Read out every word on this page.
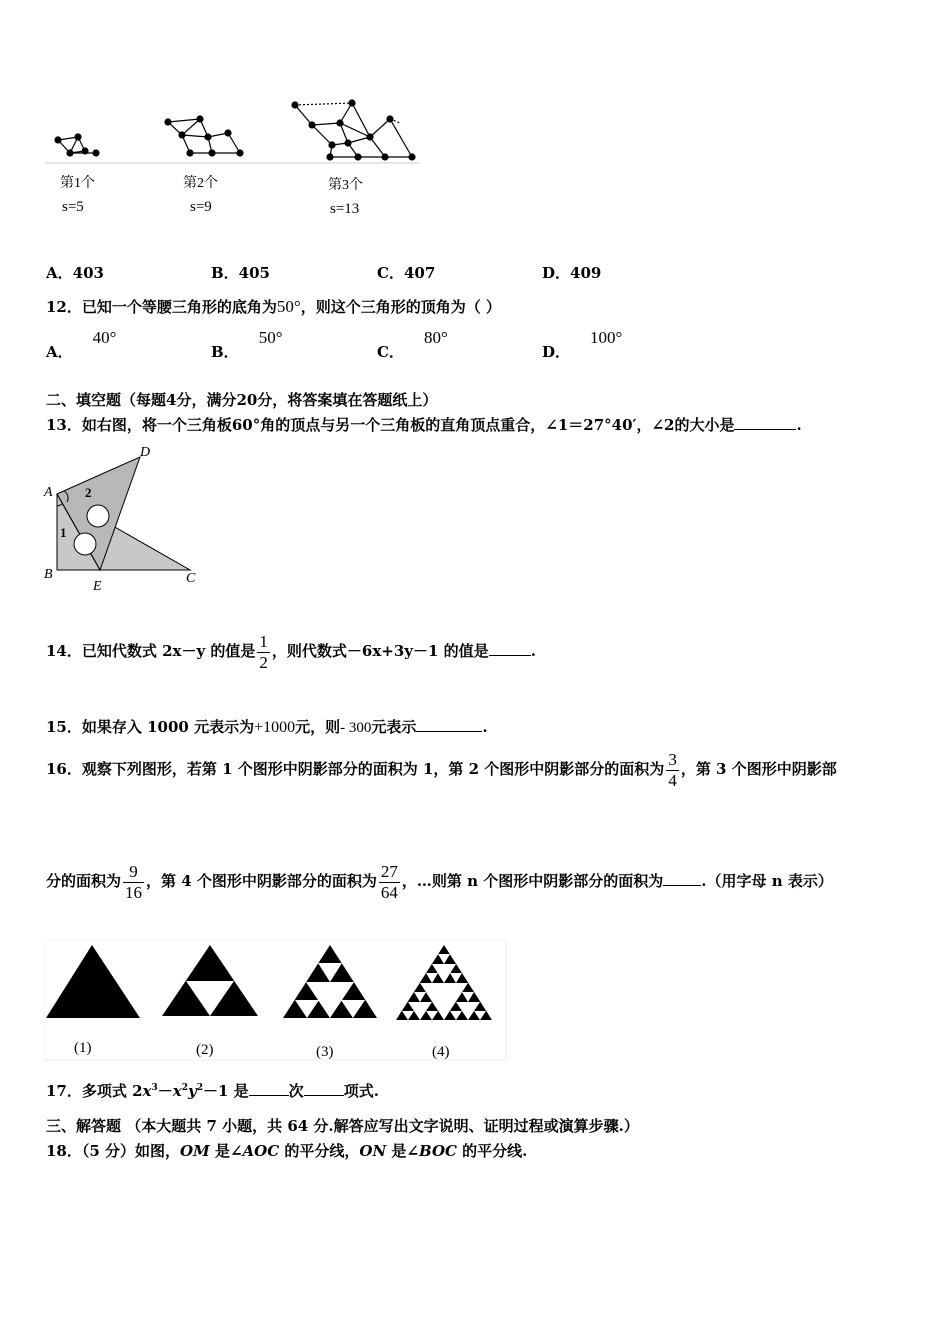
第1个	第2个	第3个
s=5	s=9	s=13
A．403	B．405	C．407	D．409
12．已知一个等腰三角形的底角为50°，则这个三角形的顶角为（ ）
A．40°
B．50°
C．80°
D．100°
二、填空题（每题4分，满分20分，将答案填在答题纸上）
13．如右图，将一个三角板60°角的顶点与另一个三角板的直角顶点重合，∠1＝27°40′，∠2的大小是	.
A
B	C
D
E
1
2
14．已知代数式 2x－y 的值是 $\frac{1}{2}$ ，则代数式－6x+3y－1 的值是	.
15．如果存入 1000 元表示为+1000元，则- 300元表示	.
16．观察下列图形，若第 1 个图形中阴影部分的面积为 1，第 2 个图形中阴影部分的面积为 $\frac{3}{4}$ ，第 3 个图形中阴影部
分的面积为 $\frac{9}{16}$ ，第 4 个图形中阴影部分的面积为 $\frac{27}{64}$ ，…则第 n 个图形中阴影部分的面积为	.（用字母 n 表示）
(1)	(2)	(3)	(4)
17．多项式 $2x^3-x^2y^2-1$ 是	次	项式.
三、解答题 （本大题共 7 小题，共 64 分.解答应写出文字说明、证明过程或演算步骤.）
18．（5 分）如图，OM 是∠AOC 的平分线，ON 是∠BOC 的平分线.
